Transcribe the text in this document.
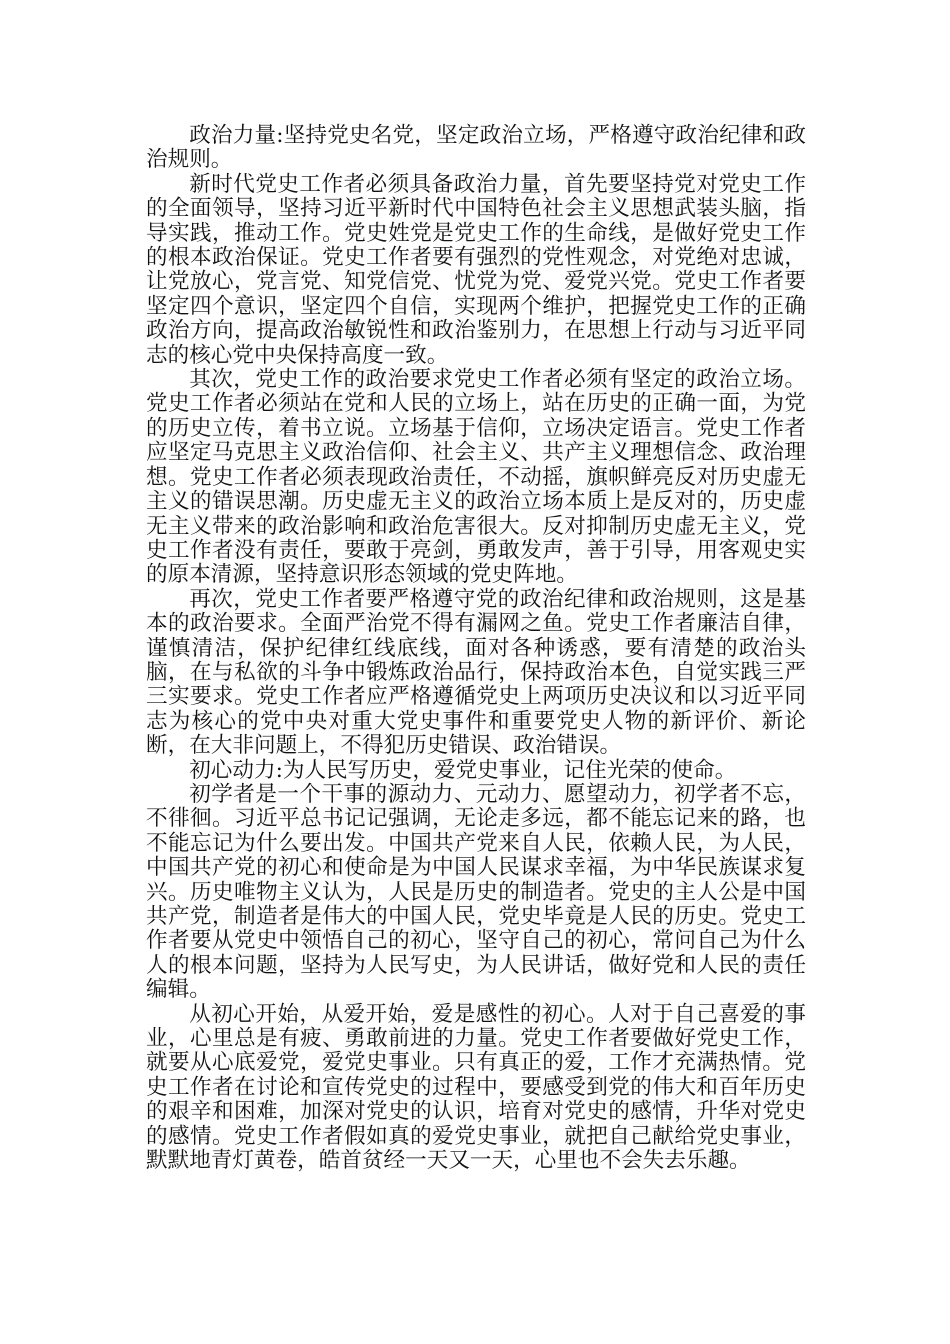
政治力量:坚持党史名党，坚定政治立场，严格遵守政治纪律和政治规则。

新时代党史工作者必须具备政治力量，首先要坚持党对党史工作的全面领导，坚持习近平新时代中国特色社会主义思想武装头脑，指导实践，推动工作。党史姓党是党史工作的生命线，是做好党史工作的根本政治保证。党史工作者要有强烈的党性观念，对党绝对忠诚，让党放心，党言党、知党信党、忧党为党、爱党兴党。党史工作者要坚定四个意识，坚定四个自信，实现两个维护，把握党史工作的正确政治方向，提高政治敏锐性和政治鉴别力，在思想上行动与习近平同志的核心党中央保持高度一致。

其次，党史工作的政治要求党史工作者必须有坚定的政治立场。党史工作者必须站在党和人民的立场上，站在历史的正确一面，为党的历史立传，着书立说。立场基于信仰，立场决定语言。党史工作者应坚定马克思主义政治信仰、社会主义、共产主义理想信念、政治理想。党史工作者必须表现政治责任，不动摇，旗帜鲜亮反对历史虚无主义的错误思潮。历史虚无主义的政治立场本质上是反对的，历史虚无主义带来的政治影响和政治危害很大。反对抑制历史虚无主义，党史工作者没有责任，要敢于亮剑，勇敢发声，善于引导，用客观史实的原本清源，坚持意识形态领域的党史阵地。

再次，党史工作者要严格遵守党的政治纪律和政治规则，这是基本的政治要求。全面严治党不得有漏网之鱼。党史工作者廉洁自律，谨慎清洁，保护纪律红线底线，面对各种诱惑，要有清楚的政治头脑，在与私欲的斗争中锻炼政治品行，保持政治本色，自觉实践三严三实要求。党史工作者应严格遵循党史上两项历史决议和以习近平同志为核心的党中央对重大党史事件和重要党史人物的新评价、新论断，在大非问题上，不得犯历史错误、政治错误。

初心动力:为人民写历史，爱党史事业，记住光荣的使命。

初学者是一个干事的源动力、元动力、愿望动力，初学者不忘，不徘徊。习近平总书记记强调，无论走多远，都不能忘记来的路，也不能忘记为什么要出发。中国共产党来自人民，依赖人民，为人民，中国共产党的初心和使命是为中国人民谋求幸福，为中华民族谋求复兴。历史唯物主义认为，人民是历史的制造者。党史的主人公是中国共产党，制造者是伟大的中国人民，党史毕竟是人民的历史。党史工作者要从党史中领悟自己的初心，坚守自己的初心，常问自己为什么人的根本问题，坚持为人民写史，为人民讲话，做好党和人民的责任编辑。

从初心开始，从爱开始，爱是感性的初心。人对于自己喜爱的事业，心里总是有疲、勇敢前进的力量。党史工作者要做好党史工作，就要从心底爱党，爱党史事业。只有真正的爱，工作才充满热情。党史工作者在讨论和宣传党史的过程中，要感受到党的伟大和百年历史的艰辛和困难，加深对党史的认识，培育对党史的感情，升华对党史的感情。党史工作者假如真的爱党史事业，就把自己献给党史事业，默默地青灯黄卷，皓首贫经一天又一天，心里也不会失去乐趣。
